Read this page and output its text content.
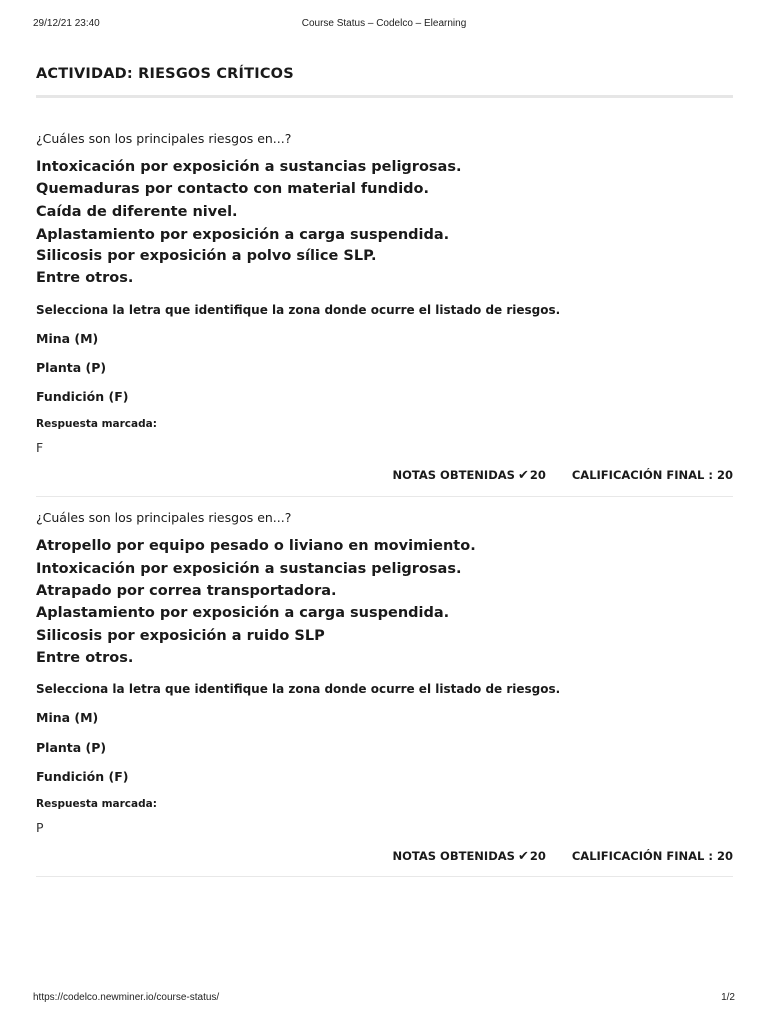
29/12/21 23:40	Course Status – Codelco – Elearning
ACTIVIDAD: RIESGOS CRÍTICOS
¿Cuáles son los principales riesgos en...?
Intoxicación por exposición a sustancias peligrosas.
Quemaduras por contacto con material fundido.
Caída de diferente nivel.
Aplastamiento por exposición a carga suspendida.
Silicosis por exposición a polvo sílice SLP.
Entre otros.
Selecciona la letra que identifique la zona donde ocurre el listado de riesgos.
Mina (M)
Planta (P)
Fundición (F)
Respuesta marcada:
F
NOTAS OBTENIDAS ✔20 CALIFICACIÓN FINAL : 20
¿Cuáles son los principales riesgos en...?
Atropello por equipo pesado o liviano en movimiento.
Intoxicación por exposición a sustancias peligrosas.
Atrapado por correa transportadora.
Aplastamiento por exposición a carga suspendida.
Silicosis por exposición a ruido SLP
Entre otros.
Selecciona la letra que identifique la zona donde ocurre el listado de riesgos.
Mina (M)
Planta (P)
Fundición (F)
Respuesta marcada:
P
NOTAS OBTENIDAS ✔20 CALIFICACIÓN FINAL : 20
https://codelco.newminer.io/course-status/	1/2
